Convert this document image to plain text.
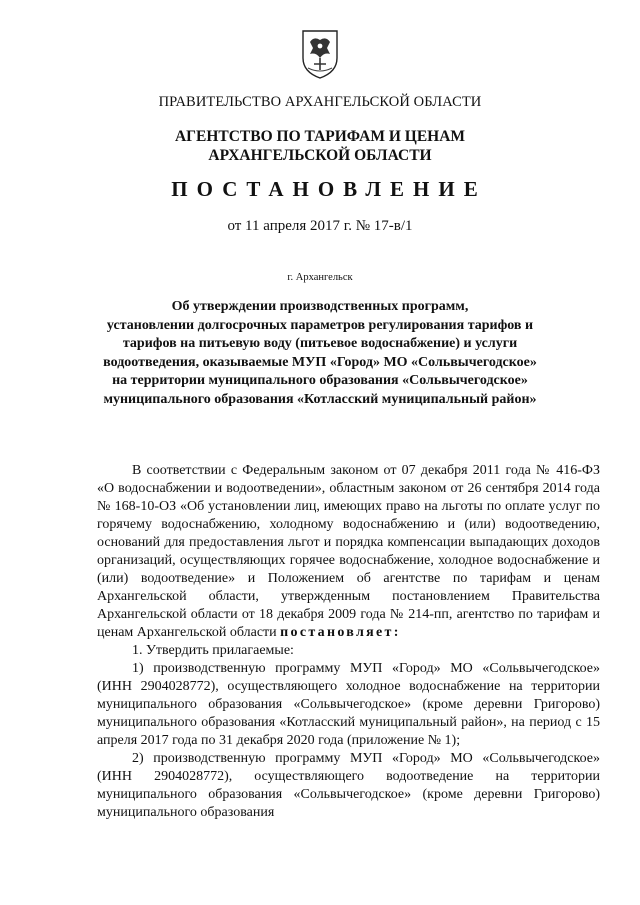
ПРАВИТЕЛЬСТВО АРХАНГЕЛЬСКОЙ ОБЛАСТИ
АГЕНТСТВО ПО ТАРИФАМ И ЦЕНАМ
АРХАНГЕЛЬСКОЙ ОБЛАСТИ
ПОСТАНОВЛЕНИЕ
от 11 апреля 2017 г. № 17-в/1
г. Архангельск
Об утверждении производственных программ,
установлении долгосрочных параметров регулирования тарифов и
тарифов на питьевую воду (питьевое водоснабжение) и услуги
водоотведения, оказываемые МУП «Город» МО «Сольвычегодское»
на территории муниципального образования «Сольвычегодское»
муниципального образования «Котласский муниципальный район»

В соответствии с Федеральным законом от 07 декабря 2011 года № 416-ФЗ «О водоснабжении и водоотведении», областным законом от 26 сентября 2014 года № 168-10-ОЗ «Об установлении лиц, имеющих право на льготы по оплате услуг по горячему водоснабжению, холодному водоснабжению и (или) водоотведению, оснований для предоставления льгот и порядка компенсации выпадающих доходов организаций, осуществляющих горячее водоснабжение, холодное водоснабжение и (или) водоотведение» и Положением об агентстве по тарифам и ценам Архангельской области, утвержденным постановлением Правительства Архангельской области от 18 декабря 2009 года № 214-пп, агентство по тарифам и ценам Архангельской области постановляет:

1. Утвердить прилагаемые:

1) производственную программу МУП «Город» МО «Сольвычегодское» (ИНН 2904028772), осуществляющего холодное водоснабжение на территории муниципального образования «Сольвычегодское» (кроме деревни Григорово) муниципального образования «Котласский муниципальный район», на период с 15 апреля 2017 года по 31 декабря 2020 года (приложение № 1);

2) производственную программу МУП «Город» МО «Сольвычегодское» (ИНН 2904028772), осуществляющего водоотведение на территории муниципального образования «Сольвычегодское» (кроме деревни Григорово) муниципального образования
